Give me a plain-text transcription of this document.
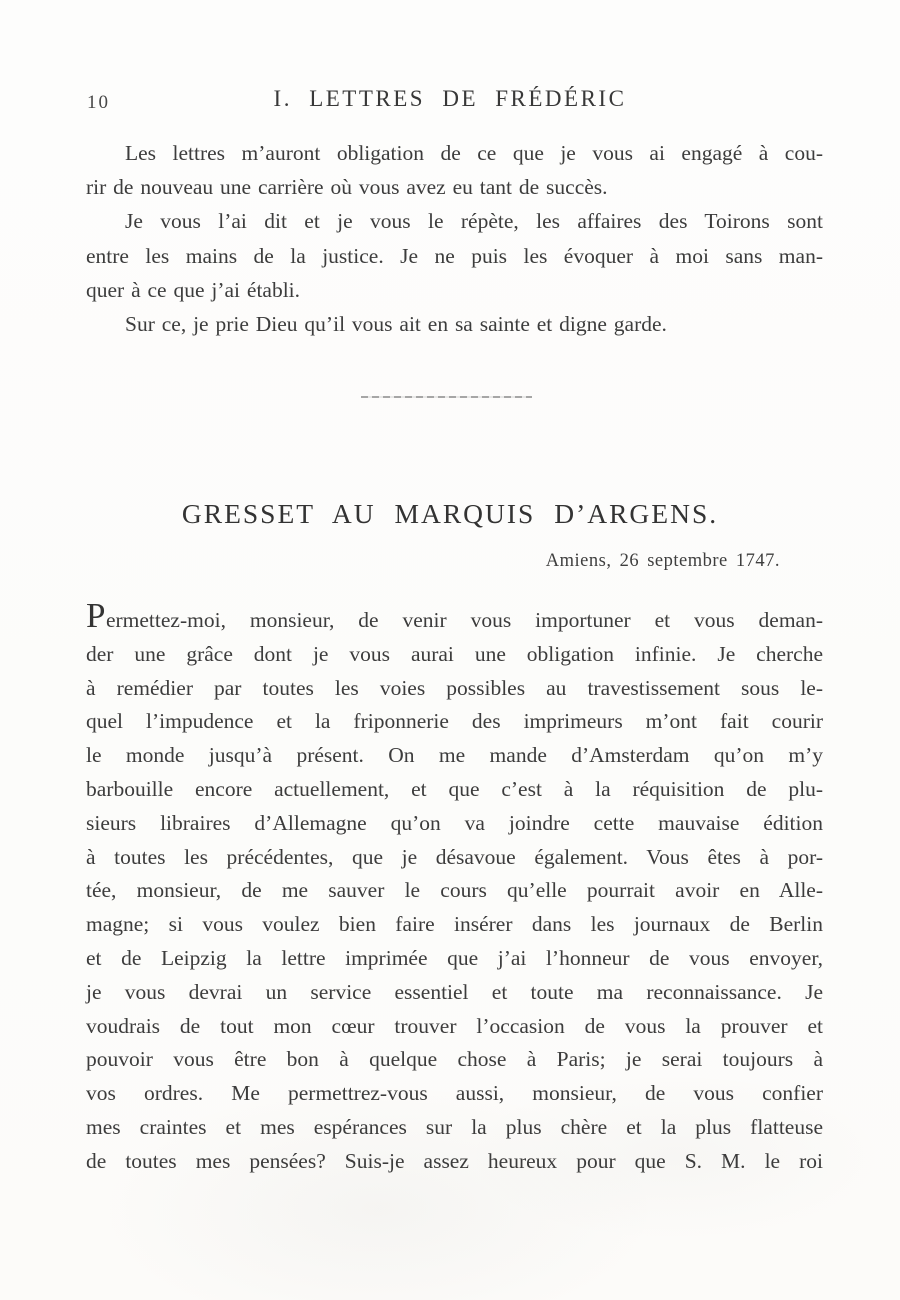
10	I. LETTRES DE FRÉDÉRIC
Les lettres m’auront obligation de ce que je vous ai engagé à cou-
rir de nouveau une carrière où vous avez eu tant de succès.
Je vous l’ai dit et je vous le répète, les affaires des Toirons sont
entre les mains de la justice. Je ne puis les évoquer à moi sans man-
quer à ce que j’ai établi.
Sur ce, je prie Dieu qu’il vous ait en sa sainte et digne garde.
GRESSET AU MARQUIS D’ARGENS.
Amiens, 26 septembre 1747.
Permettez-moi, monsieur, de venir vous importuner et vous deman-
der une grâce dont je vous aurai une obligation infinie. Je cherche
à remédier par toutes les voies possibles au travestissement sous le-
quel l’impudence et la friponnerie des imprimeurs m’ont fait courir
le monde jusqu’à présent. On me mande d’Amsterdam qu’on m’y
barbouille encore actuellement, et que c’est à la réquisition de plu-
sieurs libraires d’Allemagne qu’on va joindre cette mauvaise édition
à toutes les précédentes, que je désavoue également. Vous êtes à por-
tée, monsieur, de me sauver le cours qu’elle pourrait avoir en Alle-
magne; si vous voulez bien faire insérer dans les journaux de Berlin
et de Leipzig la lettre imprimée que j’ai l’honneur de vous envoyer,
je vous devrai un service essentiel et toute ma reconnaissance. Je
voudrais de tout mon cœur trouver l’occasion de vous la prouver et
pouvoir vous être bon à quelque chose à Paris; je serai toujours à
vos ordres. Me permettrez-vous aussi, monsieur, de vous confier
mes craintes et mes espérances sur la plus chère et la plus flatteuse
de toutes mes pensées? Suis-je assez heureux pour que S. M. le roi
